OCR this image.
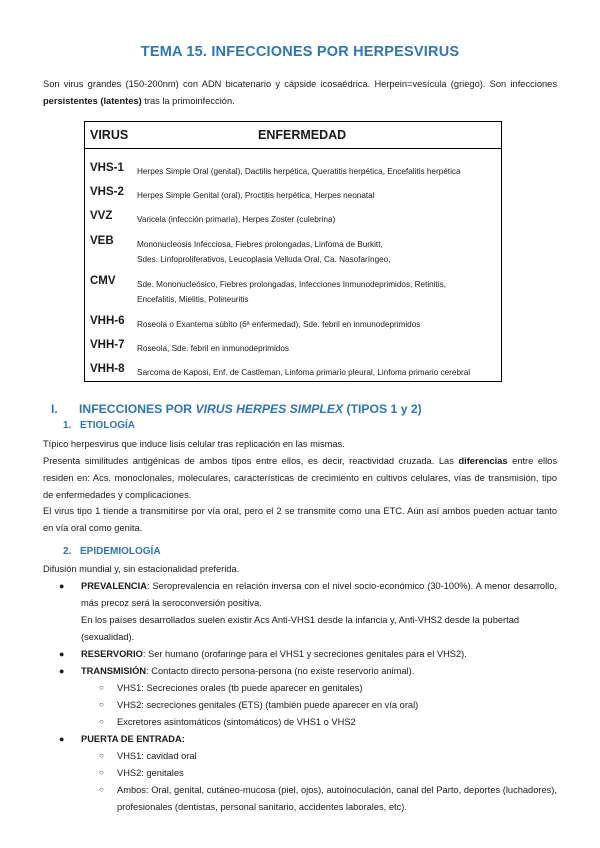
TEMA 15. INFECCIONES POR HERPESVIRUS
Son virus grandes (150-200nm) con ADN bicatenario y cápside icosaédrica. Herpein=vesícula (griego). Son infecciones persistentes (latentes) tras la primoinfección.
VIRUS	ENFERMEDAD
VHS-1 Herpes Simple Oral (genital), Dactilis herpética, Queratitis herpética, Encefalitis herpética
VHS-2 Herpes Simple Genital (oral), Proctitis herpética, Herpes neonatal
VVZ	Varicela (infección primaria), Herpes Zoster (culebrina)
VEB	Mononucleosis Infecciosa, Fiebres prolongadas, Linfoma de Burkitt,
Sdes. Linfoproliferativos, Leucoplasia Velluda Oral, Ca. Nasofaríngeo,
CMV	Sde. Mononucleósico, Fiebres prolongadas, Infecciones Inmunodeprimidos, Retinitis,
Encefalitis, Mielitis, Polineuritis
VHH-6 Roseola o Exantema súbito (6ª enfermedad), Sde. febril en inmunodeprimidos
VHH-7 Roseola, Sde. febril en inmunodeprimidos
VHH-8 Sarcoma de Kaposi, Enf. de Castleman, Linfoma primario pleural, Linfoma primario cerebral
I. INFECCIONES POR VIRUS HERPES SIMPLEX (TIPOS 1 y 2)
1. ETIOLOGÍA
Típico herpesvirus que induce lisis celular tras replicación en las mismas.
Presenta similitudes antigénicas de ambos tipos entre ellos, es decir, reactividad cruzada. Las diferencias entre ellos residen en: Acs. monoclonales, moleculares, características de crecimiento en cultivos celulares, vías de transmisión, tipo de enfermedades y complicaciones.
El virus tipo 1 tiende a transmitirse por vía oral, pero el 2 se transmite como una ETC. Aún así ambos pueden actuar tanto en vía oral como genita.
2. EPIDEMIOLOGÍA
Difusión mundial y, sin estacionalidad preferida.
● PREVALENCIA: Seroprevalencia en relación inversa con el nivel socio-económico (30-100%). A menor desarrollo, más precoz será la seroconversión positiva.
En los países desarrollados suelen existir Acs Anti-VHS1 desde la infancia y, Anti-VHS2 desde la pubertad (sexualidad).
● RESERVORIO: Ser humano (orofaringe para el VHS1 y secreciones genitales para el VHS2).
● TRANSMISIÓN: Contacto directo persona-persona (no existe reservorio animal).
○ VHS1: Secreciones orales (tb puede aparecer en genitales)
○ VHS2: secreciones genitales (ETS) (también puede aparecer en vía oral)
○ Excretores asintomáticos (sintomáticos) de VHS1 o VHS2
● PUERTA DE ENTRADA:
○ VHS1: cavidad oral
○ VHS2: genitales
○ Ambos: Oral, genital, cutáneo-mucosa (piel, ojos), autoinoculación, canal del Parto, deportes (luchadores), profesionales (dentistas, personal sanitario, accidentes laborales, etc).
